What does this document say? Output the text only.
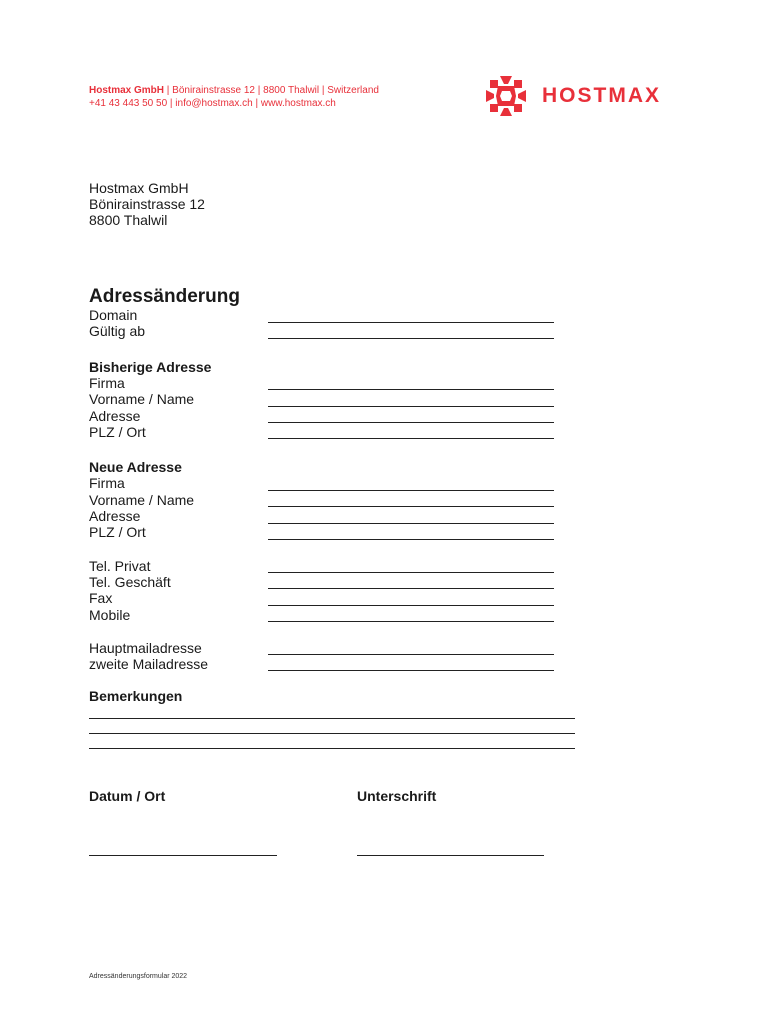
Hostmax GmbH | Bönirainstrasse 12 | 8800 Thalwil | Switzerland
+41 43 443 50 50 | info@hostmax.ch | www.hostmax.ch	HOSTMAX
Hostmax GmbH
Bönirainstrasse 12
8800 Thalwil
Adressänderung
Domain
Gültig ab
Bisherige Adresse
Firma
Vorname / Name
Adresse
PLZ / Ort
Neue Adresse
Firma
Vorname / Name
Adresse
PLZ / Ort
Tel. Privat
Tel. Geschäft
Fax
Mobile
Hauptmailadresse
zweite Mailadresse
Bemerkungen
Datum / Ort	Unterschrift
Adressänderungsformular 2022
